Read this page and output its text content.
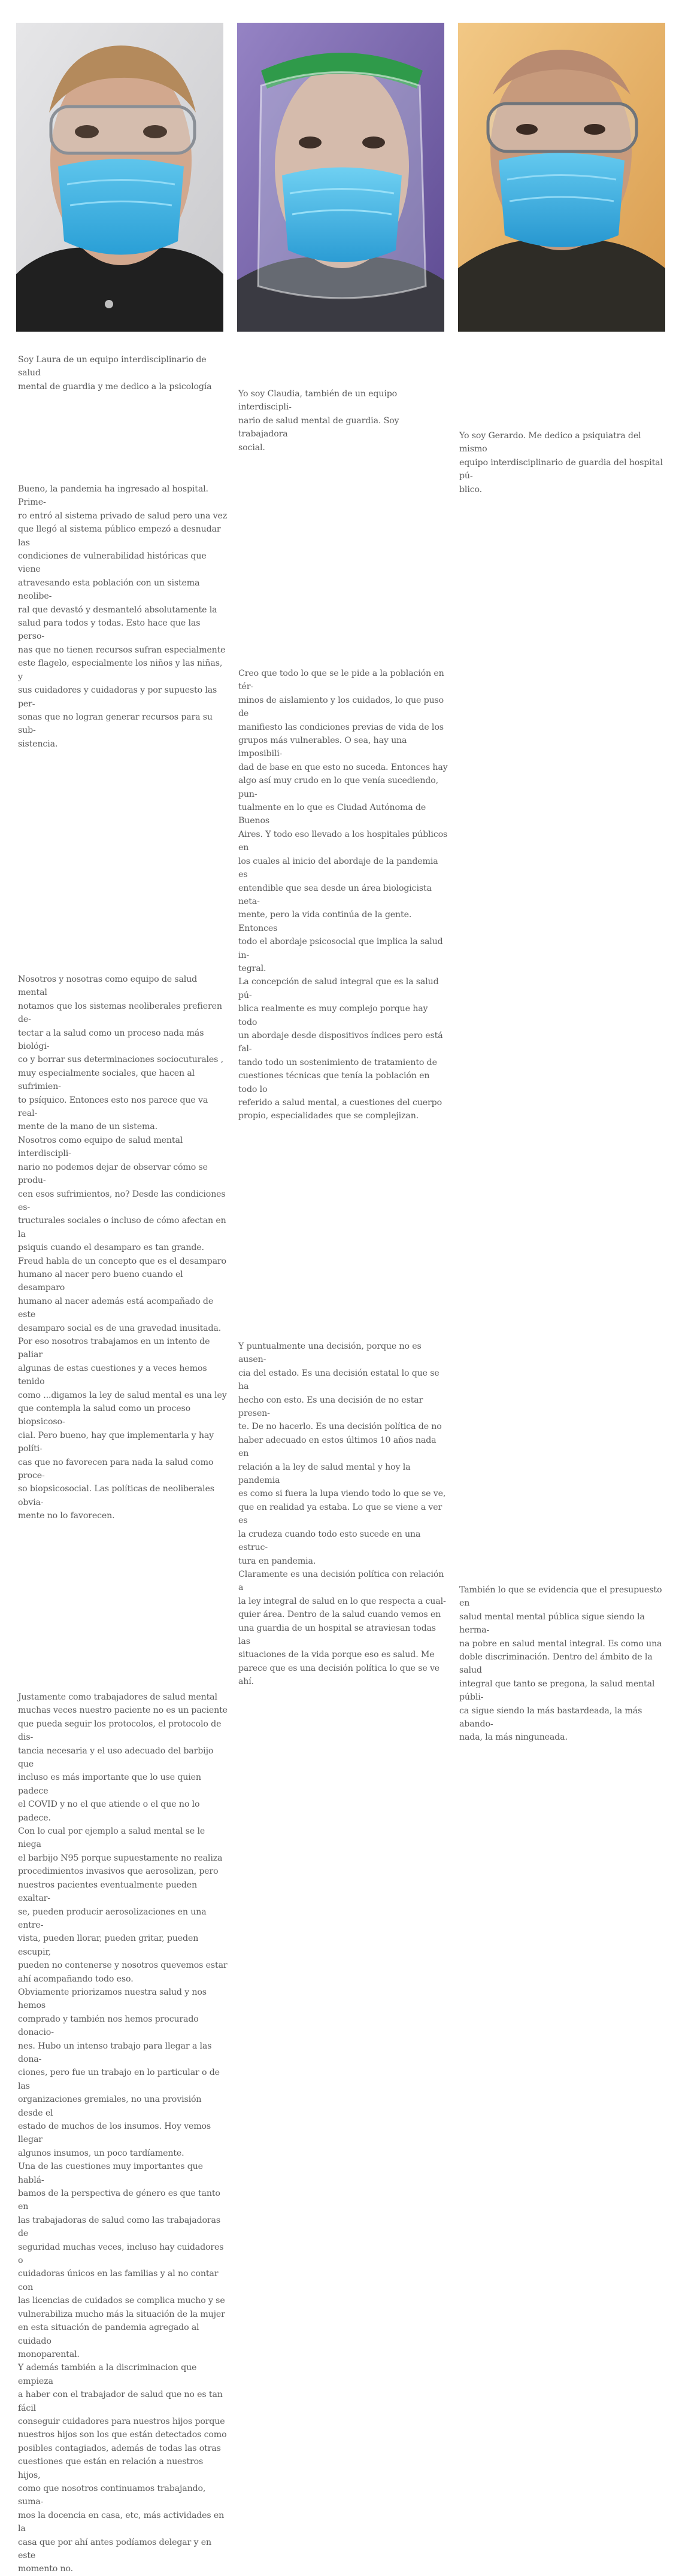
Soy Laura de un equipo interdisciplinario de salud
mental de guardia y me dedico a la psicología

Yo soy Claudia, también de un equipo interdiscipli-
nario de salud mental de guardia. Soy trabajadora
social.

Yo soy Gerardo. Me dedico a psiquiatra del mismo
equipo interdisciplinario de guardia del hospital pú-
blico.

Bueno, la pandemia ha ingresado al hospital. Prime-
ro entró al sistema privado de salud pero una vez
que llegó al sistema público empezó a desnudar las
condiciones de vulnerabilidad históricas que viene
atravesando esta población con un sistema neolibe-
ral que devastó y desmanteló absolutamente la
salud para todos y todas. Esto hace que las perso-
nas que no tienen recursos sufran especialmente
este flagelo, especialmente los niños y las niñas, y
sus cuidadores y cuidadoras y por supuesto las per-
sonas que no logran generar recursos para su sub-
sistencia.

Creo que todo lo que se le pide a la población en tér-
minos de aislamiento y los cuidados, lo que puso de
manifiesto las condiciones previas de vida de los
grupos más vulnerables. O sea, hay una imposibili-
dad de base en que esto no suceda. Entonces hay
algo así muy crudo en lo que venía sucediendo, pun-
tualmente en lo que es Ciudad Autónoma de Buenos
Aires. Y todo eso llevado a los hospitales públicos en
los cuales al inicio del abordaje de la pandemia es
entendible que sea desde un área biologicista neta-
mente, pero la vida continúa de la gente. Entonces
todo el abordaje psicosocial que implica la salud in-
tegral.
La concepción de salud integral que es la salud pú-
blica realmente es muy complejo porque hay todo
un abordaje desde dispositivos índices pero está fal-
tando todo un sostenimiento de tratamiento de
cuestiones técnicas que tenía la población en todo lo
referido a salud mental, a cuestiones del cuerpo
propio, especialidades que se complejizan.

Nosotros y nosotras como equipo de salud mental
notamos que los sistemas neoliberales prefieren de-
tectar a la salud como un proceso nada más biológi-
co y borrar sus determinaciones sociocuturales ,
muy especialmente sociales, que hacen al sufrimien-
to psíquico. Entonces esto nos parece que va real-
mente de la mano de un sistema.
Nosotros como equipo de salud mental interdiscipli-
nario no podemos dejar de observar cómo se produ-
cen esos sufrimientos, no? Desde las condiciones es-
tructurales sociales o incluso de cómo afectan en la
psiquis cuando el desamparo es tan grande.
Freud habla de un concepto que es el desamparo
humano al nacer pero bueno cuando el desamparo
humano al nacer además está acompañado de este
desamparo social es de una gravedad inusitada.
Por eso nosotros trabajamos en un intento de paliar
algunas de estas cuestiones y a veces hemos tenido
como ...digamos la ley de salud mental es una ley
que contempla la salud como un proceso biopsicoso-
cial. Pero bueno, hay que implementarla y hay políti-
cas que no favorecen para nada la salud como proce-
so biopsicosocial. Las políticas de neoliberales obvia-
mente no lo favorecen.

Y puntualmente una decisión, porque no es ausen-
cia del estado. Es una decisión estatal lo que se ha
hecho con esto. Es una decisión de no estar presen-
te. De no hacerlo. Es una decisión política de no
haber adecuado en estos últimos 10 años nada en
relación a la ley de salud mental y hoy la pandemia
es como si fuera la lupa viendo todo lo que se ve,
que en realidad ya estaba. Lo que se viene a ver es
la crudeza cuando todo esto sucede en una estruc-
tura en pandemia.
Claramente es una decisión política con relación a
la ley integral de salud en lo que respecta a cual-
quier área. Dentro de la salud cuando vemos en
una guardia de un hospital se atraviesan todas las
situaciones de la vida porque eso es salud. Me
parece que es una decisión política lo que se ve ahí.

También lo que se evidencia que el presupuesto en
salud mental mental pública sigue siendo la herma-
na pobre en salud mental integral. Es como una
doble discriminación. Dentro del ámbito de la salud
integral que tanto se pregona, la salud mental públi-
ca sigue siendo la más bastardeada, la más abando-
nada, la más ninguneada.

Justamente como trabajadores de salud mental
muchas veces nuestro paciente no es un paciente
que pueda seguir los protocolos, el protocolo de dis-
tancia necesaria y el uso adecuado del barbijo que
incluso es más importante que lo use quien padece
el COVID y no el que atiende o el que no lo padece.
Con lo cual por ejemplo a salud mental se le niega
el barbijo N95 porque supuestamente no realiza
procedimientos invasivos que aerosolizan, pero
nuestros pacientes eventualmente pueden exaltar-
se, pueden producir aerosolizaciones en una entre-
vista, pueden llorar, pueden gritar, pueden escupir,
pueden no contenerse y nosotros quevemos estar
ahí acompañando todo eso.
Obviamente priorizamos nuestra salud y nos hemos
comprado y también nos hemos procurado donacio-
nes. Hubo un intenso trabajo para llegar a las dona-
ciones, pero fue un trabajo en lo particular o de las
organizaciones gremiales, no una provisión desde el
estado de muchos de los insumos. Hoy vemos llegar
algunos insumos, un poco tardíamente.
Una de las cuestiones muy importantes que hablá-
bamos de la perspectiva de género es que tanto en
las trabajadoras de salud como las trabajadoras de
seguridad muchas veces, incluso hay cuidadores o
cuidadoras únicos en las familias y al no contar con
las licencias de cuidados se complica mucho y se
vulnerabiliza mucho más la situación de la mujer
en esta situación de pandemia agregado al cuidado
monoparental.
Y además también a la discriminacion que empieza
a haber con el trabajador de salud que no es tan fácil
conseguir cuidadores para nuestros hijos porque
nuestros hijos son los que están detectados como
posibles contagiados, además de todas las otras
cuestiones que están en relación a nuestros hijos,
como que nosotros continuamos trabajando, suma-
mos la docencia en casa, etc, más actividades en la
casa que por ahí antes podíamos delegar y en este
momento no.
